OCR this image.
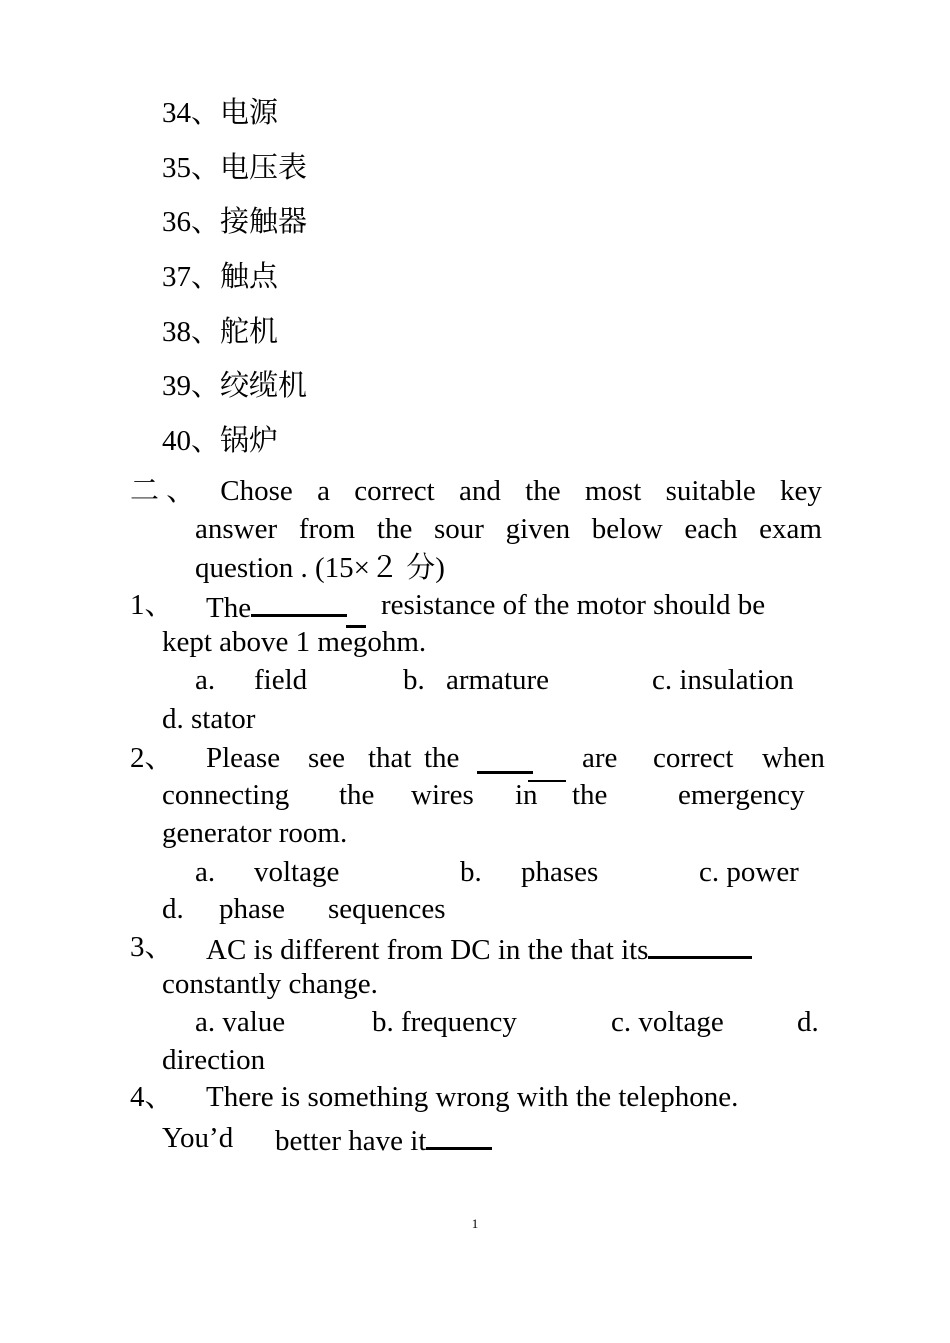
34、电源
35、电压表
36、接触器
37、触点
38、舵机
39、绞缆机
40、锅炉
二 、 Chose a correct and the most suitable key
answer from the sour given below each exam
question . (15×２ 分)
1、 The	resistance of the motor should be
kept above 1 megohm.
a. field	b. armature	c. insulation
d. stator
2、 Please see that the	are correct when
connecting the wires in the emergency
generator room.
a. voltage	b. phases	c. power
d. phase sequences
3、 AC is different from DC in the that its
constantly change.
a. value	b. frequency	c. voltage	d.
direction
4、 There is something wrong with the telephone.
You’d better have it
1
